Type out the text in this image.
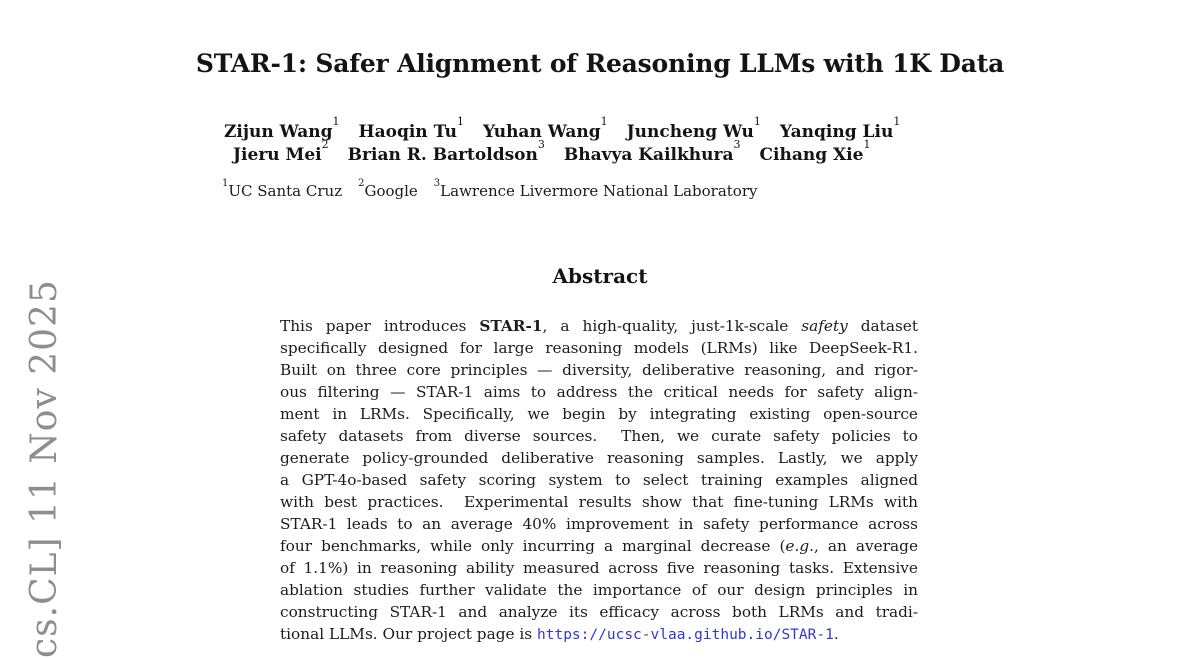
cs.CL] 11 Nov 2025
STAR-1: Safer Alignment of Reasoning LLMs with 1K Data
Zijun Wang$^1$Haoqin Tu$^1$Yuhan Wang$^1$Juncheng Wu$^1$Yanqing Liu$^1$
Jieru Mei$^2$Brian R. Bartoldson$^3$Bhavya Kailkhura$^3$Cihang Xie$^1$
$^1$UC Santa Cruz $^2$Google $^3$Lawrence Livermore National Laboratory
Abstract
This paper introduces STAR-1, a high-quality, just-1k-scale safety dataset
specifically designed for large reasoning models (LRMs) like DeepSeek-R1.
Built on three core principles — diversity, deliberative reasoning, and rigor-
ous filtering — STAR-1 aims to address the critical needs for safety align-
ment in LRMs. Specifically, we begin by integrating existing open-source
safety datasets from diverse sources.  Then, we curate safety policies to
generate policy-grounded deliberative reasoning samples. Lastly, we apply
a GPT-4o-based safety scoring system to select training examples aligned
with best practices.  Experimental results show that fine-tuning LRMs with
STAR-1 leads to an average 40% improvement in safety performance across
four benchmarks, while only incurring a marginal decrease (e.g., an average
of 1.1%) in reasoning ability measured across five reasoning tasks. Extensive
ablation studies further validate the importance of our design principles in
constructing STAR-1 and analyze its efficacy across both LRMs and tradi-
tional LLMs. Our project page is https://ucsc-vlaa.github.io/STAR-1.
